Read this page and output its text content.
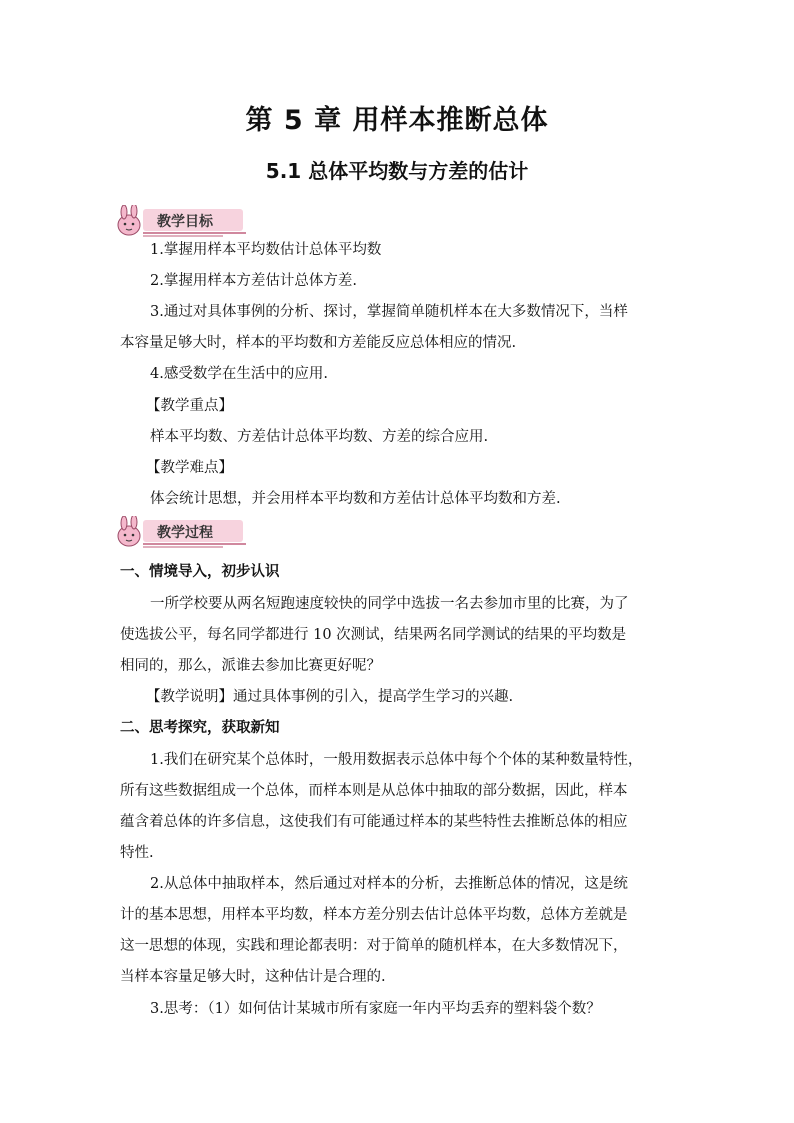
第 5 章 用样本推断总体
5.1 总体平均数与方差的估计
教学目标
1.掌握用样本平均数估计总体平均数
2.掌握用样本方差估计总体方差.
3.通过对具体事例的分析、探讨，掌握简单随机样本在大多数情况下，当样
本容量足够大时，样本的平均数和方差能反应总体相应的情况.
4.感受数学在生活中的应用.
【教学重点】
样本平均数、方差估计总体平均数、方差的综合应用.
【教学难点】
体会统计思想，并会用样本平均数和方差估计总体平均数和方差.
教学过程
一、情境导入，初步认识
一所学校要从两名短跑速度较快的同学中选拔一名去参加市里的比赛，为了
使选拔公平，每名同学都进行 10 次测试，结果两名同学测试的结果的平均数是
相同的，那么，派谁去参加比赛更好呢？
【教学说明】通过具体事例的引入，提高学生学习的兴趣.
二、思考探究，获取新知
1.我们在研究某个总体时，一般用数据表示总体中每个个体的某种数量特性，
所有这些数据组成一个总体，而样本则是从总体中抽取的部分数据，因此，样本
蕴含着总体的许多信息，这使我们有可能通过样本的某些特性去推断总体的相应
特性.
2.从总体中抽取样本，然后通过对样本的分析，去推断总体的情况，这是统
计的基本思想，用样本平均数，样本方差分别去估计总体平均数，总体方差就是
这一思想的体现，实践和理论都表明：对于简单的随机样本，在大多数情况下，
当样本容量足够大时，这种估计是合理的.
3.思考：（1）如何估计某城市所有家庭一年内平均丢弃的塑料袋个数？
